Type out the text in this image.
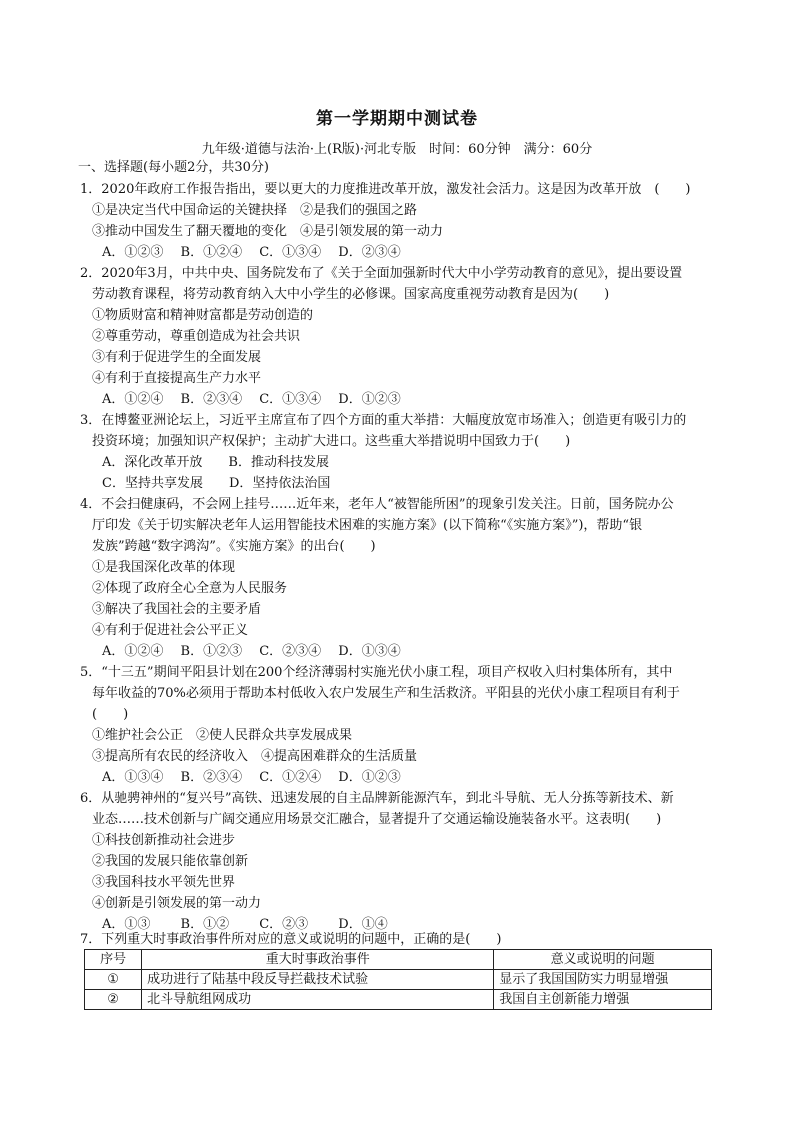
第一学期期中测试卷
九年级·道德与法治·上(R版)·河北专版　时间：60分钟　满分：60分
一、选择题(每小题2分，共30分)
1．2020年政府工作报告指出，要以更大的力度推进改革开放，激发社会活力。这是因为改革开放　(　　)
①是决定当代中国命运的关键抉择　②是我们的强国之路
③推动中国发生了翻天覆地的变化　④是引领发展的第一动力
A．①②③　 B．①②④　 C．①③④　 D．②③④
2．2020年3月，中共中央、国务院发布了《关于全面加强新时代大中小学劳动教育的意见》，提出要设置
劳动教育课程，将劳动教育纳入大中小学生的必修课。国家高度重视劳动教育是因为(　　)
①物质财富和精神财富都是劳动创造的
②尊重劳动，尊重创造成为社会共识
③有利于促进学生的全面发展
④有利于直接提高生产力水平
A．①②④　 B．②③④　 C．①③④　 D．①②③
3．在博鳌亚洲论坛上，习近平主席宣布了四个方面的重大举措：大幅度放宽市场准入；创造更有吸引力的
投资环境；加强知识产权保护；主动扩大进口。这些重大举措说明中国致力于(　　)
A．深化改革开放　　B．推动科技发展
C．坚持共享发展　　D．坚持依法治国
4．不会扫健康码，不会网上挂号……近年来，老年人“被智能所困”的现象引发关注。日前，国务院办公
厅印发《关于切实解决老年人运用智能技术困难的实施方案》(以下简称“《实施方案》”)，帮助“银
发族”跨越“数字鸿沟”。《实施方案》的出台(　　)
①是我国深化改革的体现
②体现了政府全心全意为人民服务
③解决了我国社会的主要矛盾
④有利于促进社会公平正义
A．①②④　 B．①②③　 C．②③④　 D．①③④
5．“十三五”期间平阳县计划在200个经济薄弱村实施光伏小康工程，项目产权收入归村集体所有，其中
每年收益的70%必须用于帮助本村低收入农户发展生产和生活救济。平阳县的光伏小康工程项目有利于
(　　)
①维护社会公正　②使人民群众共享发展成果
③提高所有农民的经济收入　④提高困难群众的生活质量
A．①③④　 B．②③④　 C．①②④　 D．①②③
6．从驰骋神州的“复兴号”高铁、迅速发展的自主品牌新能源汽车，到北斗导航、无人分拣等新技术、新
业态……技术创新与广阔交通应用场景交汇融合，显著提升了交通运输设施装备水平。这表明(　　)
①科技创新推动社会进步
②我国的发展只能依靠创新
③我国科技水平领先世界
④创新是引领发展的第一动力
A．①③　　 B．①②　　 C．②③　　 D．①④
7．下列重大时事政治事件所对应的意义或说明的问题中，正确的是(　　)
序号	重大时事政治事件	意义或说明的问题
①	成功进行了陆基中段反导拦截技术试验	显示了我国国防实力明显增强
②	北斗导航组网成功	我国自主创新能力增强
